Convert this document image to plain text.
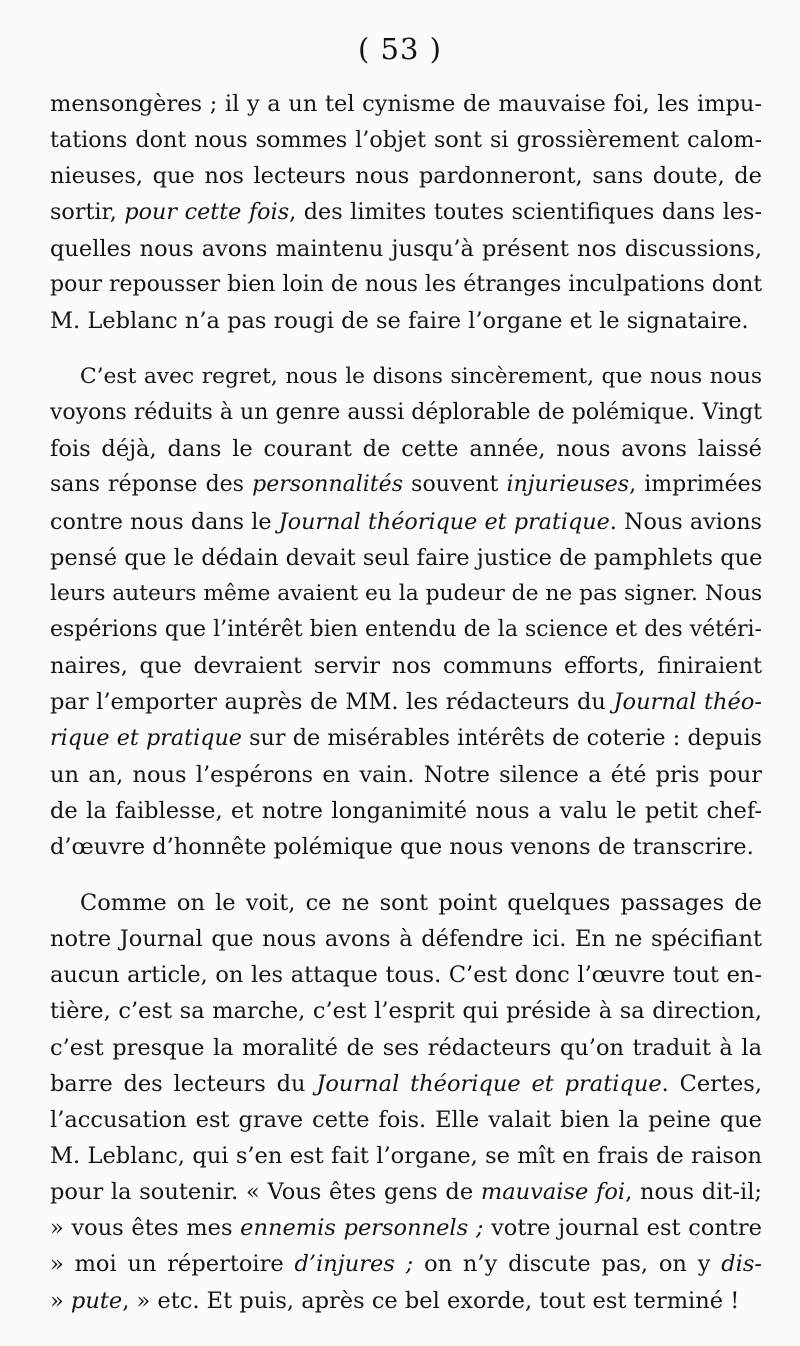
( 53 )
mensongères ; il y a un tel cynisme de mauvaise foi, les impu-
tations dont nous sommes l’objet sont si grossièrement calom-
nieuses, que nos lecteurs nous pardonneront, sans doute, de
sortir, pour cette fois, des limites toutes scientifiques dans les-
quelles nous avons maintenu jusqu’à présent nos discussions,
pour repousser bien loin de nous les étranges inculpations dont
M. Leblanc n’a pas rougi de se faire l’organe et le signataire.
C’est avec regret, nous le disons sincèrement, que nous nous
voyons réduits à un genre aussi déplorable de polémique. Vingt
fois déjà, dans le courant de cette année, nous avons laissé
sans réponse des personnalités souvent injurieuses, imprimées
contre nous dans le Journal théorique et pratique. Nous avions
pensé que le dédain devait seul faire justice de pamphlets que
leurs auteurs même avaient eu la pudeur de ne pas signer. Nous
espérions que l’intérêt bien entendu de la science et des vétéri-
naires, que devraient servir nos communs efforts, finiraient
par l’emporter auprès de MM. les rédacteurs du Journal théo-
rique et pratique sur de misérables intérêts de coterie : depuis
un an, nous l’espérons en vain. Notre silence a été pris pour
de la faiblesse, et notre longanimité nous a valu le petit chef-
d’œuvre d’honnête polémique que nous venons de transcrire.
Comme on le voit, ce ne sont point quelques passages de
notre Journal que nous avons à défendre ici. En ne spécifiant
aucun article, on les attaque tous. C’est donc l’œuvre tout en-
tière, c’est sa marche, c’est l’esprit qui préside à sa direction,
c’est presque la moralité de ses rédacteurs qu’on traduit à la
barre des lecteurs du Journal théorique et pratique. Certes,
l’accusation est grave cette fois. Elle valait bien la peine que
M. Leblanc, qui s’en est fait l’organe, se mît en frais de raison
pour la soutenir. « Vous êtes gens de mauvaise foi, nous dit-il;
» vous êtes mes ennemis personnels ; votre journal est contre
» moi un répertoire d’injures ; on n’y discute pas, on y dis-
» pute, » etc. Et puis, après ce bel exorde, tout est terminé !
